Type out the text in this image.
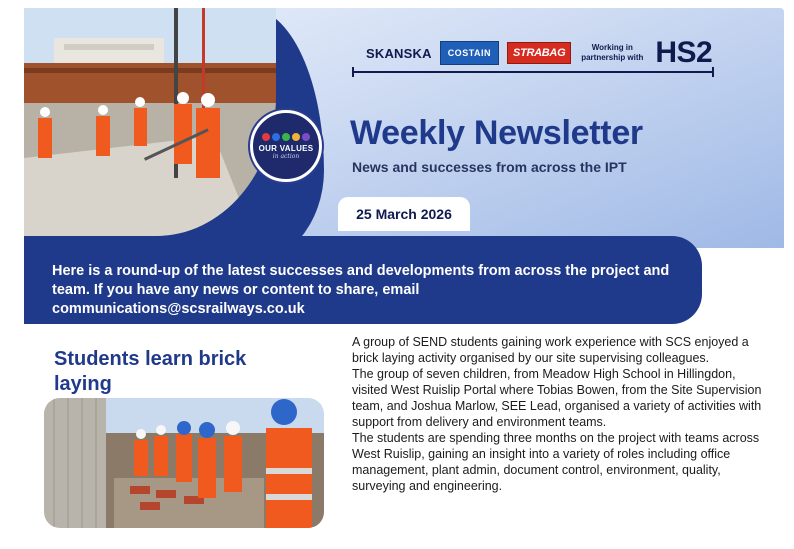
OUR VALUES
in action
SKANSKA	COSTAIN	STRABAG	Working in partnership with HS2
Weekly Newsletter
News and successes from across the IPT
25 March 2026

Here is a round-up of the latest successes and developments from across the project and team. If you have any news or content to share, email communications@scsrailways.co.uk

Students learn brick laying

A group of SEND students gaining work experience with SCS enjoyed a brick laying activity organised by our site supervising colleagues.

The group of seven children, from Meadow High School in Hillingdon, visited West Ruislip Portal where Tobias Bowen, from the Site Supervision team, and Joshua Marlow, SEE Lead, organised a variety of activities with support from delivery and environment teams.

The students are spending three months on the project with teams across West Ruislip, gaining an insight into a variety of roles including office management, plant admin, document control, environment, quality, surveying and engineering.
